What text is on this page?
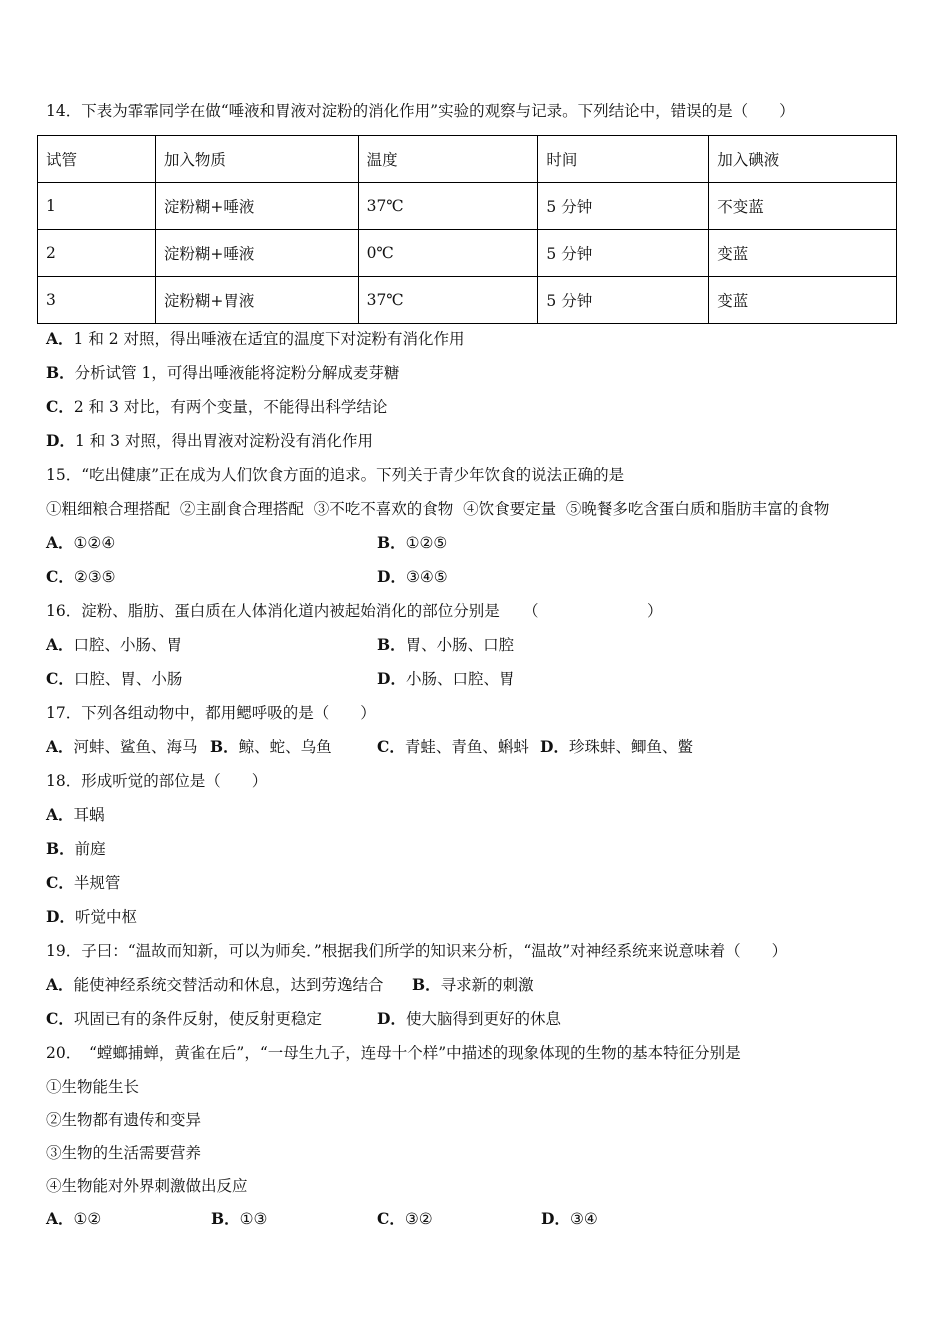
14．下表为霏霏同学在做“唾液和胃液对淀粉的消化作用”实验的观察与记录。下列结论中，错误的是（　　）
试管	加入物质	温度	时间	加入碘液
1	淀粉糊+唾液	37℃	5 分钟	不变蓝
2	淀粉糊+唾液	0℃	5 分钟	变蓝
3	淀粉糊+胃液	37℃	5 分钟	变蓝
A．1 和 2 对照，得出唾液在适宜的温度下对淀粉有消化作用
B．分析试管 1，可得出唾液能将淀粉分解成麦芽糖
C．2 和 3 对比，有两个变量，不能得出科学结论
D．1 和 3 对照，得出胃液对淀粉没有消化作用
15．“吃出健康”正在成为人们饮食方面的追求。下列关于青少年饮食的说法正确的是
①粗细粮合理搭配  ②主副食合理搭配  ③不吃不喜欢的食物  ④饮食要定量  ⑤晚餐多吃含蛋白质和脂肪丰富的食物
A．①②④	B．①②⑤
C．②③⑤	D．③④⑤
16．淀粉、脂肪、蛋白质在人体消化道内被起始消化的部位分别是　　（　　　　　　　）
A．口腔、小肠、胃	B．胃、小肠、口腔
C．口腔、胃、小肠	D．小肠、口腔、胃
17．下列各组动物中，都用鳃呼吸的是（　　）
A．河蚌、鲨鱼、海马 B．鲸、蛇、乌鱼	C．青蛙、青鱼、蝌蚪 D．珍珠蚌、鲫鱼、鳖
18．形成听觉的部位是（　　）
A．耳蜗
B．前庭
C．半规管
D．听觉中枢
19．子曰：“温故而知新，可以为师矣．”根据我们所学的知识来分析，“温故”对神经系统来说意味着（　　）
A．能使神经系统交替活动和休息，达到劳逸结合 B．寻求新的刺激
C．巩固已有的条件反射，使反射更稳定	D．使大脑得到更好的休息
20．　“螳螂捕蝉，黄雀在后”，“一母生九子，连母十个样”中描述的现象体现的生物的基本特征分别是
①生物能生长
②生物都有遗传和变异
③生物的生活需要营养
④生物能对外界刺激做出反应
A．①②	B．①③	C．③②	D．③④
